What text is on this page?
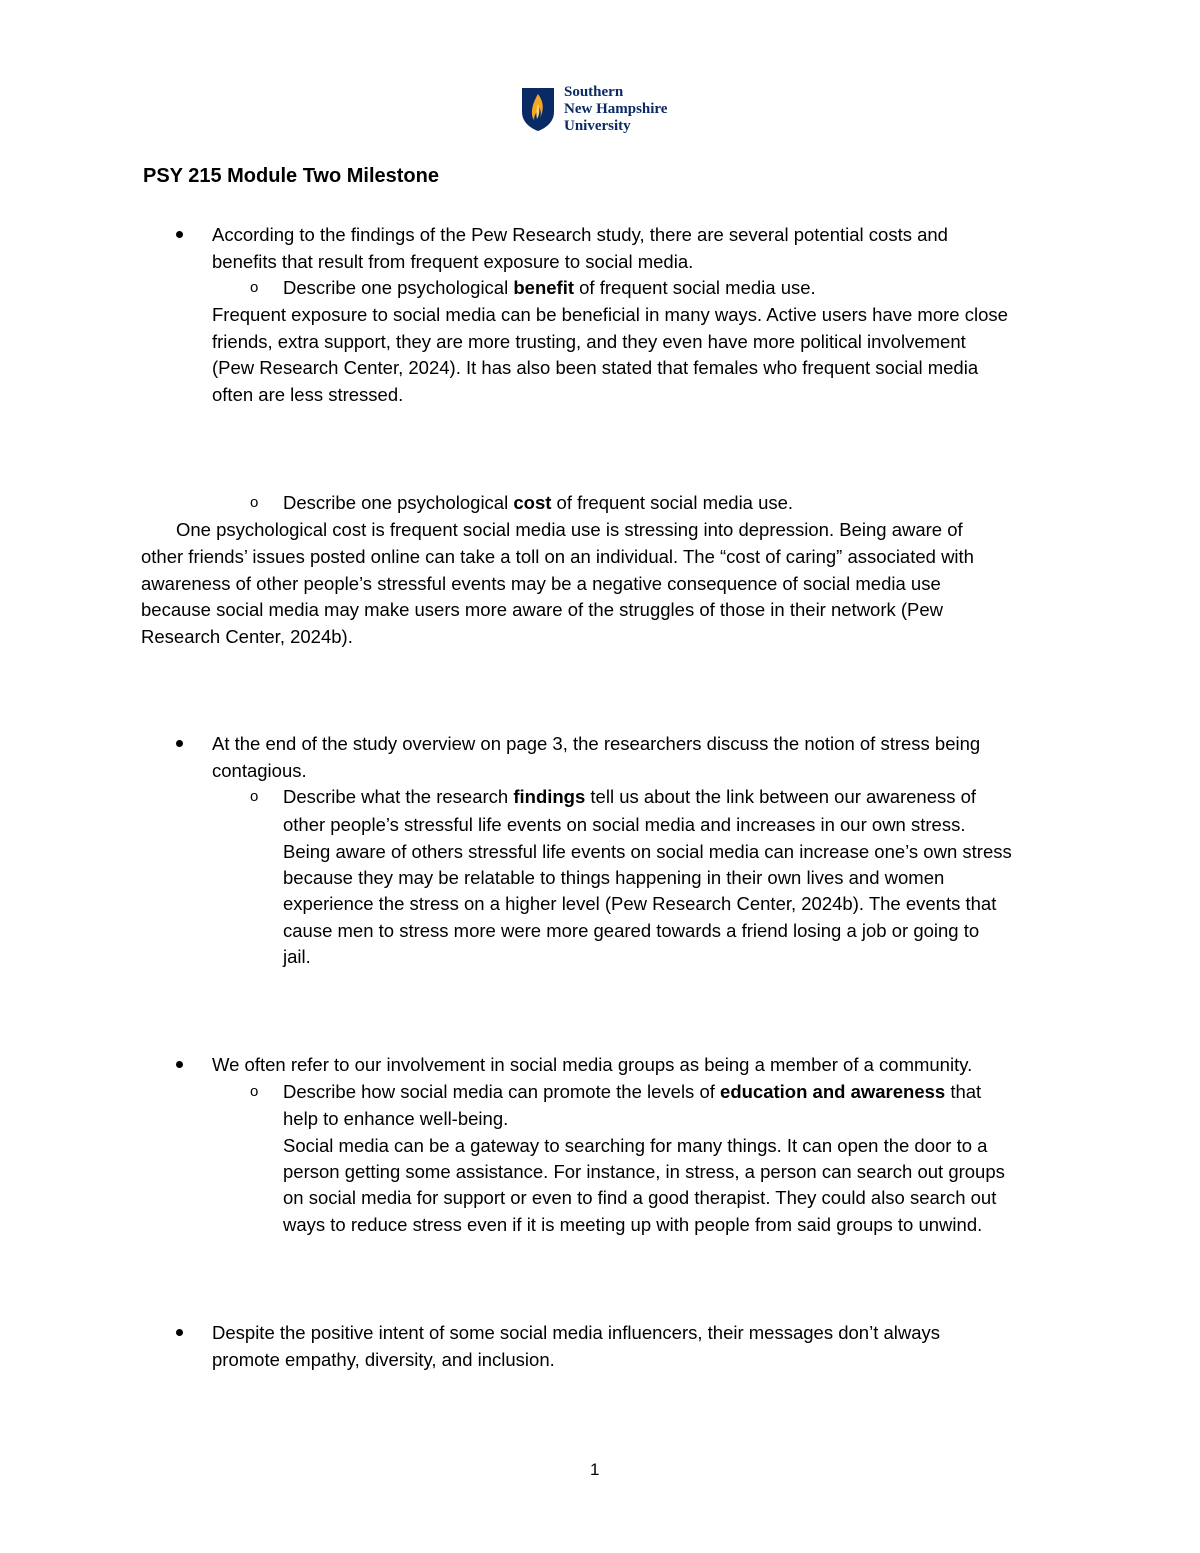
Southern
New Hampshire
University
PSY 215 Module Two Milestone
According to the findings of the Pew Research study, there are several potential costs and
benefits that result from frequent exposure to social media.
o Describe one psychological benefit of frequent social media use.
Frequent exposure to social media can be beneficial in many ways. Active users have more close
friends, extra support, they are more trusting, and they even have more political involvement
(Pew Research Center, 2024). It has also been stated that females who frequent social media
often are less stressed.
o Describe one psychological cost of frequent social media use.
One psychological cost is frequent social media use is stressing into depression. Being aware of
other friends’ issues posted online can take a toll on an individual. The “cost of caring” associated with
awareness of other people’s stressful events may be a negative consequence of social media use
because social media may make users more aware of the struggles of those in their network (Pew
Research Center, 2024b).
At the end of the study overview on page 3, the researchers discuss the notion of stress being
contagious.
o Describe what the research findings tell us about the link between our awareness of
other people’s stressful life events on social media and increases in our own stress.
Being aware of others stressful life events on social media can increase one’s own stress
because they may be relatable to things happening in their own lives and women
experience the stress on a higher level (Pew Research Center, 2024b). The events that
cause men to stress more were more geared towards a friend losing a job or going to
jail.
We often refer to our involvement in social media groups as being a member of a community.
o Describe how social media can promote the levels of education and awareness that
help to enhance well-being.
Social media can be a gateway to searching for many things. It can open the door to a
person getting some assistance. For instance, in stress, a person can search out groups
on social media for support or even to find a good therapist. They could also search out
ways to reduce stress even if it is meeting up with people from said groups to unwind.
Despite the positive intent of some social media influencers, their messages don’t always
promote empathy, diversity, and inclusion.
1
